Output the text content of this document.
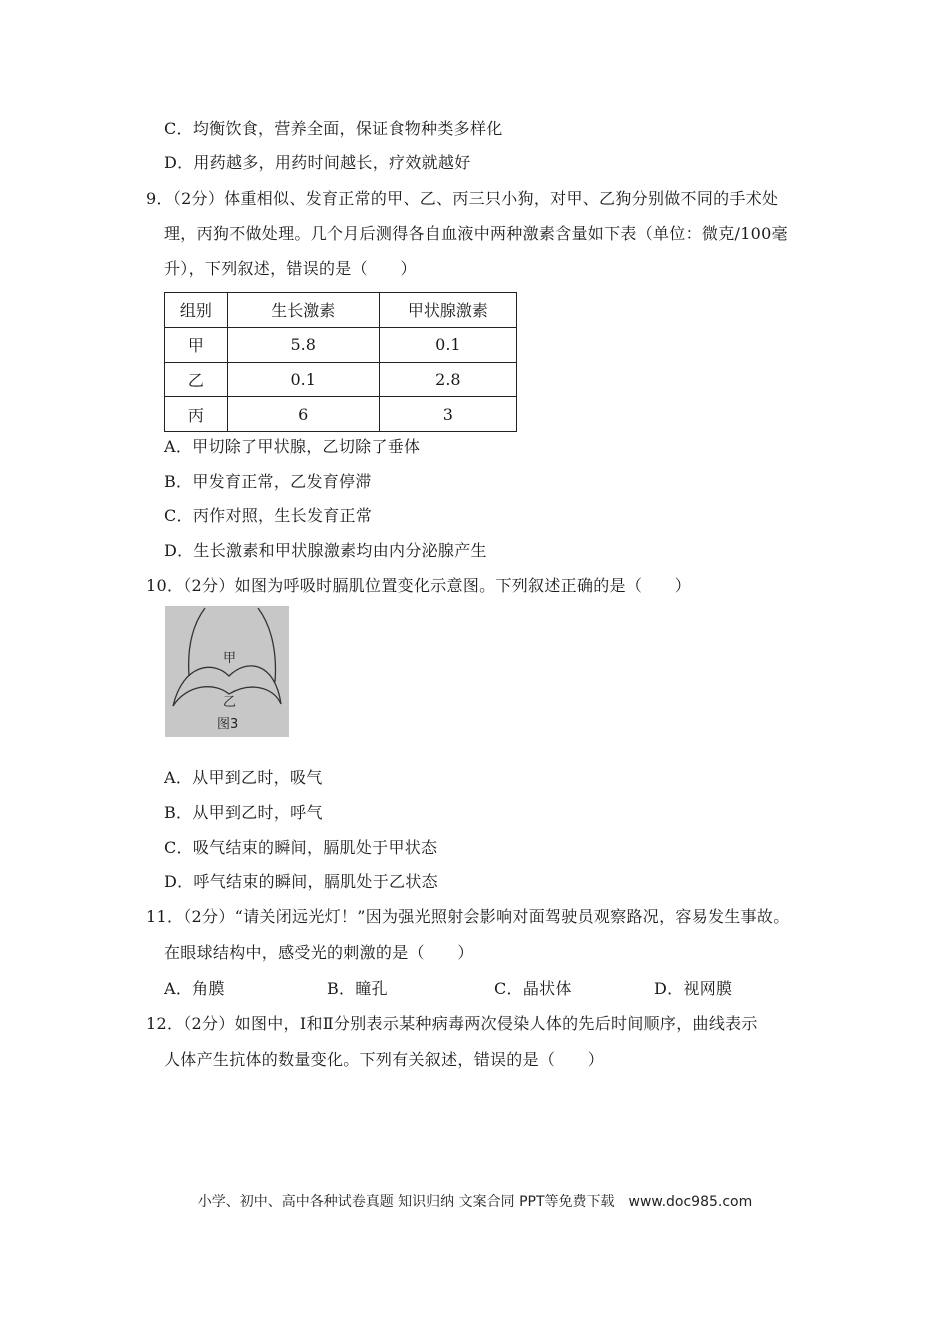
C．均衡饮食，营养全面，保证食物种类多样化
D．用药越多，用药时间越长，疗效就越好
9．（2分）体重相似、发育正常的甲、乙、丙三只小狗，对甲、乙狗分别做不同的手术处
理，丙狗不做处理。几个月后测得各自血液中两种激素含量如下表（单位：微克/100毫
升），下列叙述，错误的是（　　）
组别	生长激素	甲状腺激素
甲	5.8	0.1
乙	0.1	2.8
丙	6	3
A．甲切除了甲状腺，乙切除了垂体
B．甲发育正常，乙发育停滞
C．丙作对照，生长发育正常
D．生长激素和甲状腺激素均由内分泌腺产生
10．（2分）如图为呼吸时膈肌位置变化示意图。下列叙述正确的是（　　）
甲
乙
图3
A．从甲到乙时，吸气
B．从甲到乙时，呼气
C．吸气结束的瞬间，膈肌处于甲状态
D．呼气结束的瞬间，膈肌处于乙状态
11．（2分）“请关闭远光灯！”因为强光照射会影响对面驾驶员观察路况，容易发生事故。
在眼球结构中，感受光的刺激的是（　　）
A．角膜	B．瞳孔	C．晶状体	D．视网膜
12．（2分）如图中，Ⅰ和Ⅱ分别表示某种病毒两次侵染人体的先后时间顺序，曲线表示
人体产生抗体的数量变化。下列有关叙述，错误的是（　　）
小学、初中、高中各种试卷真题 知识归纳 文案合同 PPT等免费下载　www.doc985.com
